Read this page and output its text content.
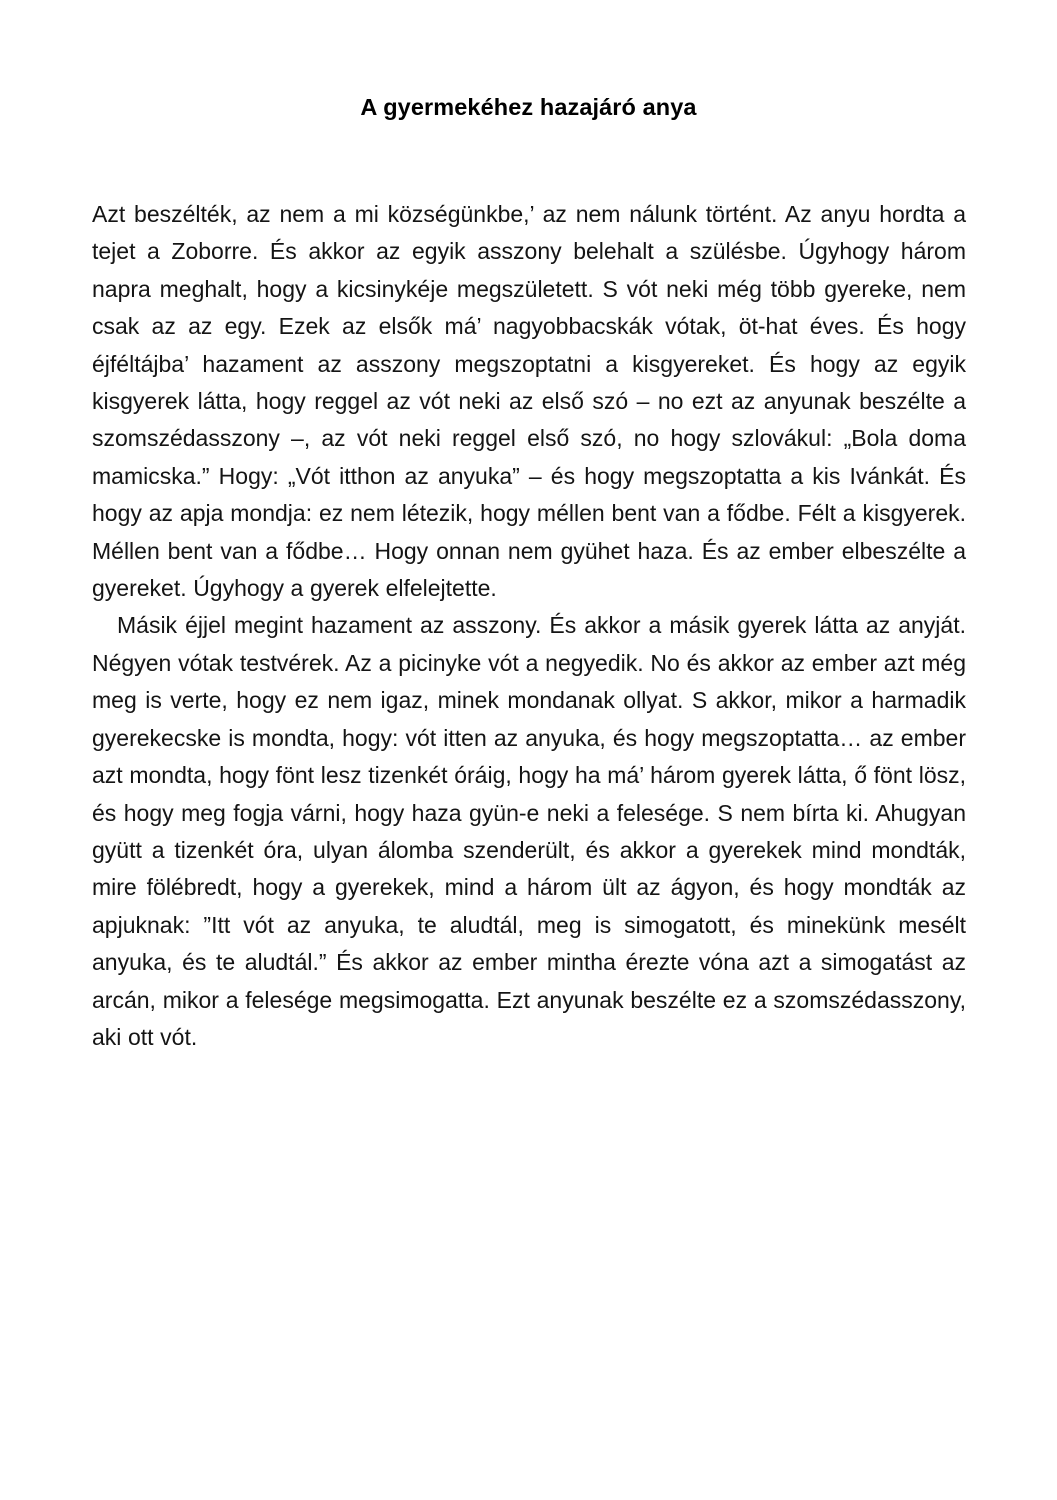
A gyermekéhez hazajáró anya

Azt beszélték, az nem a mi községünkbe,’ az nem nálunk történt. Az anyu hordta a tejet a Zoborre. És akkor az egyik asszony belehalt a szülésbe. Úgyhogy három napra meghalt, hogy a kicsinykéje megszületett. S vót neki még több gyereke, nem csak az az egy. Ezek az elsők má’ nagyobbacskák vótak, öt-hat éves. És hogy éjféltájba’ hazament az asszony megszoptatni a kisgyereket. És hogy az egyik kisgyerek látta, hogy reggel az vót neki az első szó – no ezt az anyunak beszélte a szomszédasszony –, az vót neki reggel első szó, no hogy szlovákul: „Bola doma mamicska.” Hogy: „Vót itthon az anyuka” – és hogy megszoptatta a kis Ivánkát. És hogy az apja mondja: ez nem létezik, hogy méllen bent van a fődbe. Félt a kisgyerek. Méllen bent van a fődbe… Hogy onnan nem gyühet haza. És az ember elbeszélte a gyereket. Úgyhogy a gyerek elfelejtette.

Másik éjjel megint hazament az asszony. És akkor a másik gyerek látta az anyját. Négyen vótak testvérek. Az a picinyke vót a negyedik. No és akkor az ember azt még meg is verte, hogy ez nem igaz, minek mondanak ollyat. S akkor, mikor a harmadik gyerekecske is mondta, hogy: vót itten az anyuka, és hogy megszoptatta… az ember azt mondta, hogy fönt lesz tizenkét óráig, hogy ha má’ három gyerek látta, ő fönt lösz, és hogy meg fogja várni, hogy haza gyün-e neki a felesége. S nem bírta ki. Ahugyan gyütt a tizenkét óra, ulyan álomba szenderült, és akkor a gyerekek mind mondták, mire fölébredt, hogy a gyerekek, mind a három ült az ágyon, és hogy mondták az apjuknak: ”Itt vót az anyuka, te aludtál, meg is simogatott, és minekünk mesélt anyuka, és te aludtál.” És akkor az ember mintha érezte vóna azt a simogatást az arcán, mikor a felesége megsimogatta. Ezt anyunak beszélte ez a szomszédasszony, aki ott vót.
